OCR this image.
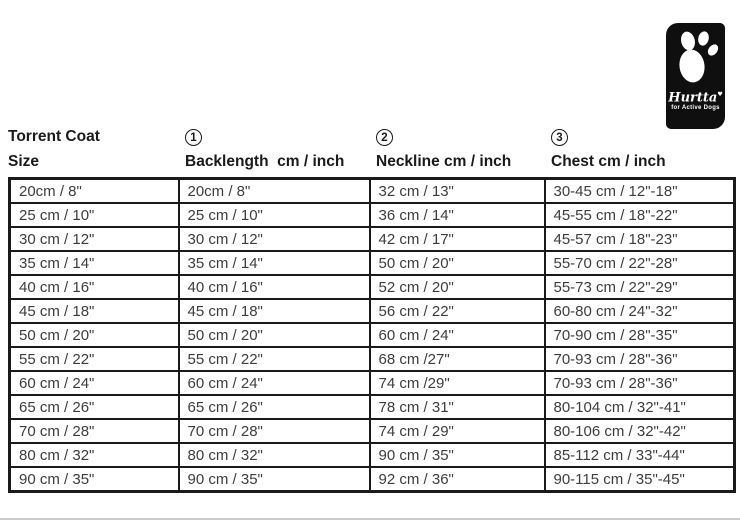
Hurtta♥
for Active Dogs
Torrent Coat
Size
1
Backlength  cm / inch
2
Neckline cm / inch
3
Chest cm / inch
20cm / 8"	20cm / 8"	32 cm / 13"	30-45 cm / 12"-18"
25 cm / 10"	25 cm / 10"	36 cm / 14"	45-55 cm / 18"-22"
30 cm / 12"	30 cm / 12"	42 cm / 17"	45-57 cm / 18"-23"
35 cm / 14"	35 cm / 14"	50 cm / 20"	55-70 cm / 22"-28"
40 cm / 16"	40 cm / 16"	52 cm / 20"	55-73 cm / 22"-29"
45 cm / 18"	45 cm / 18"	56 cm / 22"	60-80 cm / 24"-32"
50 cm / 20"	50 cm / 20"	60 cm / 24"	70-90 cm / 28"-35"
55 cm / 22"	55 cm / 22"	68 cm /27"	70-93 cm / 28"-36"
60 cm / 24"	60 cm / 24"	74 cm /29"	70-93 cm / 28"-36"
65 cm / 26"	65 cm / 26"	78 cm / 31"	80-104 cm / 32"-41"
70 cm / 28"	70 cm / 28"	74 cm / 29"	80-106 cm / 32"-42"
80 cm / 32"	80 cm / 32"	90 cm / 35"	85-112 cm / 33"-44"
90 cm / 35"	90 cm / 35"	92 cm / 36"	90-115 cm / 35"-45"
